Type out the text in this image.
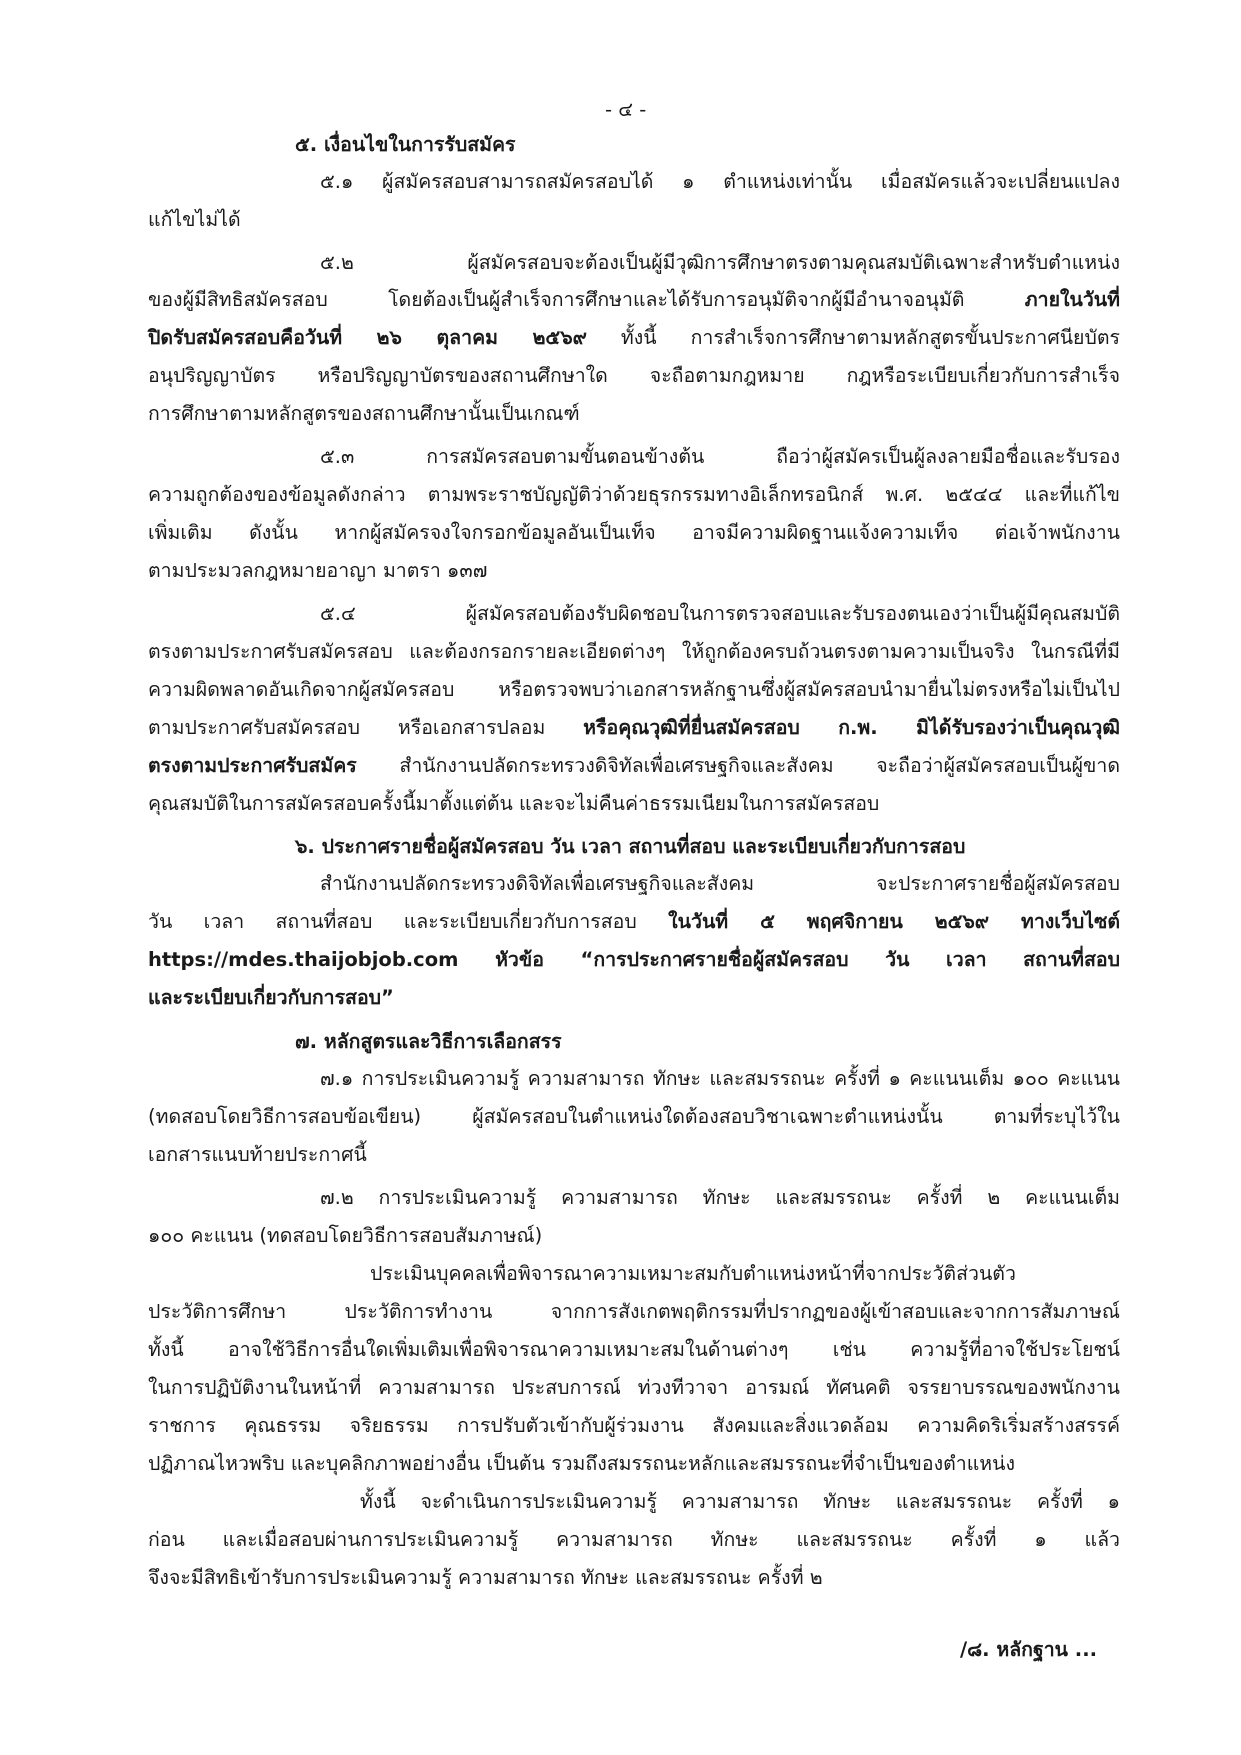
- ๔ -
๕. เงื่อนไขในการรับสมัคร
๕.๑ ผู้สมัครสอบสามารถสมัครสอบได้ ๑ ตำแหน่งเท่านั้น เมื่อสมัครแล้วจะเปลี่ยนแปลง
แก้ไขไม่ได้
๕.๒ ผู้สมัครสอบจะต้องเป็นผู้มีวุฒิการศึกษาตรงตามคุณสมบัติเฉพาะสำหรับตำแหน่ง
ของผู้มีสิทธิสมัครสอบ โดยต้องเป็นผู้สำเร็จการศึกษาและได้รับการอนุมัติจากผู้มีอำนาจอนุมัติ ภายในวันที่
ปิดรับสมัครสอบคือวันที่ ๒๖ ตุลาคม ๒๕๖๙ ทั้งนี้ การสำเร็จการศึกษาตามหลักสูตรขั้นประกาศนียบัตร
อนุปริญญาบัตร หรือปริญญาบัตรของสถานศึกษาใด จะถือตามกฎหมาย กฎหรือระเบียบเกี่ยวกับการสำเร็จ
การศึกษาตามหลักสูตรของสถานศึกษานั้นเป็นเกณฑ์
๕.๓ การสมัครสอบตามขั้นตอนข้างต้น ถือว่าผู้สมัครเป็นผู้ลงลายมือชื่อและรับรอง
ความถูกต้องของข้อมูลดังกล่าว ตามพระราชบัญญัติว่าด้วยธุรกรรมทางอิเล็กทรอนิกส์ พ.ศ. ๒๕๔๔ และที่แก้ไข
เพิ่มเติม ดังนั้น หากผู้สมัครจงใจกรอกข้อมูลอันเป็นเท็จ อาจมีความผิดฐานแจ้งความเท็จ ต่อเจ้าพนักงาน
ตามประมวลกฎหมายอาญา มาตรา ๑๓๗
๕.๔ ผู้สมัครสอบต้องรับผิดชอบในการตรวจสอบและรับรองตนเองว่าเป็นผู้มีคุณสมบัติ
ตรงตามประกาศรับสมัครสอบ และต้องกรอกรายละเอียดต่างๆ ให้ถูกต้องครบถ้วนตรงตามความเป็นจริง ในกรณีที่มี
ความผิดพลาดอันเกิดจากผู้สมัครสอบ หรือตรวจพบว่าเอกสารหลักฐานซึ่งผู้สมัครสอบนำมายื่นไม่ตรงหรือไม่เป็นไป
ตามประกาศรับสมัครสอบ หรือเอกสารปลอม หรือคุณวุฒิที่ยื่นสมัครสอบ ก.พ. มิได้รับรองว่าเป็นคุณวุฒิ
ตรงตามประกาศรับสมัคร สำนักงานปลัดกระทรวงดิจิทัลเพื่อเศรษฐกิจและสังคม จะถือว่าผู้สมัครสอบเป็นผู้ขาด
คุณสมบัติในการสมัครสอบครั้งนี้มาตั้งแต่ต้น และจะไม่คืนค่าธรรมเนียมในการสมัครสอบ
๖. ประกาศรายชื่อผู้สมัครสอบ วัน เวลา สถานที่สอบ และระเบียบเกี่ยวกับการสอบ
สำนักงานปลัดกระทรวงดิจิทัลเพื่อเศรษฐกิจและสังคม จะประกาศรายชื่อผู้สมัครสอบ
วัน เวลา สถานที่สอบ และระเบียบเกี่ยวกับการสอบ ในวันที่ ๕ พฤศจิกายน ๒๕๖๙ ทางเว็บไซต์
https://mdes.thaijobjob.com หัวข้อ “การประกาศรายชื่อผู้สมัครสอบ วัน เวลา สถานที่สอบ
และระเบียบเกี่ยวกับการสอบ”
๗. หลักสูตรและวิธีการเลือกสรร
๗.๑ การประเมินความรู้ ความสามารถ ทักษะ และสมรรถนะ ครั้งที่ ๑ คะแนนเต็ม ๑๐๐ คะแนน
(ทดสอบโดยวิธีการสอบข้อเขียน) ผู้สมัครสอบในตำแหน่งใดต้องสอบวิชาเฉพาะตำแหน่งนั้น ตามที่ระบุไว้ใน
เอกสารแนบท้ายประกาศนี้
๗.๒ การประเมินความรู้ ความสามารถ ทักษะ และสมรรถนะ ครั้งที่ ๒ คะแนนเต็ม
๑๐๐ คะแนน (ทดสอบโดยวิธีการสอบสัมภาษณ์)
ประเมินบุคคลเพื่อพิจารณาความเหมาะสมกับตำแหน่งหน้าที่จากประวัติส่วนตัว
ประวัติการศึกษา ประวัติการทำงาน จากการสังเกตพฤติกรรมที่ปรากฏของผู้เข้าสอบและจากการสัมภาษณ์
ทั้งนี้ อาจใช้วิธีการอื่นใดเพิ่มเติมเพื่อพิจารณาความเหมาะสมในด้านต่างๆ เช่น ความรู้ที่อาจใช้ประโยชน์
ในการปฏิบัติงานในหน้าที่ ความสามารถ ประสบการณ์ ท่วงทีวาจา อารมณ์ ทัศนคติ จรรยาบรรณของพนักงาน
ราชการ คุณธรรม จริยธรรม การปรับตัวเข้ากับผู้ร่วมงาน สังคมและสิ่งแวดล้อม ความคิดริเริ่มสร้างสรรค์
ปฏิภาณไหวพริบ และบุคลิกภาพอย่างอื่น เป็นต้น รวมถึงสมรรถนะหลักและสมรรถนะที่จำเป็นของตำแหน่ง
ทั้งนี้ จะดำเนินการประเมินความรู้ ความสามารถ ทักษะ และสมรรถนะ ครั้งที่ ๑
ก่อน และเมื่อสอบผ่านการประเมินความรู้ ความสามารถ ทักษะ และสมรรถนะ ครั้งที่ ๑ แล้ว
จึงจะมีสิทธิเข้ารับการประเมินความรู้ ความสามารถ ทักษะ และสมรรถนะ ครั้งที่ ๒
/๘. หลักฐาน ...
